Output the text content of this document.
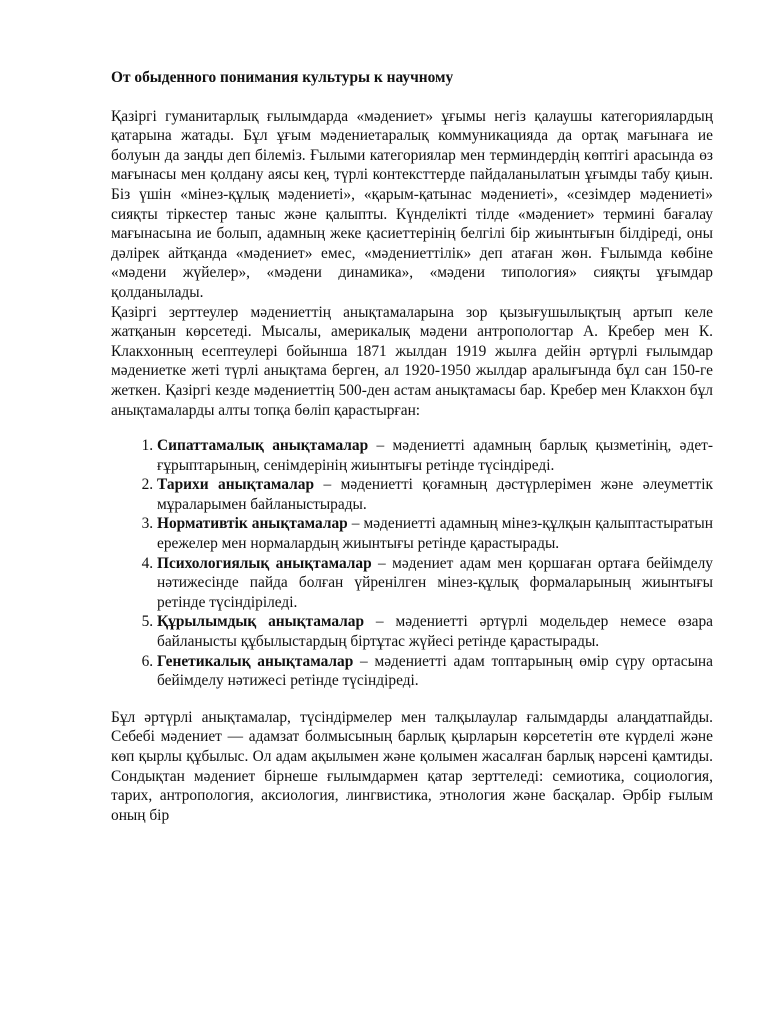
От обыденного понимания культуры к научному

Қазіргі гуманитарлық ғылымдарда «мәдениет» ұғымы негіз қалаушы категориялардың қатарына жатады. Бұл ұғым мәдениетаралық коммуникацияда да ортақ мағынаға ие болуын да заңды деп білеміз. Ғылыми категориялар мен терминдердің көптігі арасында өз мағынасы мен қолдану аясы кең, түрлі контексттерде пайдаланылатын ұғымды табу қиын. Біз үшін «мінез-құлық мәдениеті», «қарым-қатынас мәдениеті», «сезімдер мәдениеті» сияқты тіркестер таныс және қалыпты. Күнделікті тілде «мәдениет» термині бағалау мағынасына ие болып, адамның жеке қасиеттерінің белгілі бір жиынтығын білдіреді, оны дәлірек айтқанда «мәдениет» емес, «мәдениеттілік» деп атаған жөн. Ғылымда көбіне «мәдени жүйелер», «мәдени динамика», «мәдени типология» сияқты ұғымдар қолданылады.

Қазіргі зерттеулер мәдениеттің анықтамаларына зор қызығушылықтың артып келе жатқанын көрсетеді. Мысалы, америкалық мәдени антропологтар А. Кребер мен К. Клакхонның есептеулері бойынша 1871 жылдан 1919 жылға дейін әртүрлі ғылымдар мәдениетке жеті түрлі анықтама берген, ал 1920-1950 жылдар аралығында бұл сан 150-ге жеткен. Қазіргі кезде мәдениеттің 500-ден астам анықтамасы бар. Кребер мен Клакхон бұл анықтамаларды алты топқа бөліп қарастырған:

1. Сипаттамалық анықтамалар – мәдениетті адамның барлық қызметінің, әдет-ғұрыптарының, сенімдерінің жиынтығы ретінде түсіндіреді.
2. Тарихи анықтамалар – мәдениетті қоғамның дәстүрлерімен және әлеуметтік мұраларымен байланыстырады.
3. Нормативтік анықтамалар – мәдениетті адамның мінез-құлқын қалыптастыратын ережелер мен нормалардың жиынтығы ретінде қарастырады.
4. Психологиялық анықтамалар – мәдениет адам мен қоршаған ортаға бейімделу нәтижесінде пайда болған үйренілген мінез-құлық формаларының жиынтығы ретінде түсіндіріледі.
5. Құрылымдық анықтамалар – мәдениетті әртүрлі модельдер немесе өзара байланысты құбылыстардың біртұтас жүйесі ретінде қарастырады.
6. Генетикалық анықтамалар – мәдениетті адам топтарының өмір сүру ортасына бейімделу нәтижесі ретінде түсіндіреді.

Бұл әртүрлі анықтамалар, түсіндірмелер мен талқылаулар ғалымдарды алаңдатпайды. Себебі мәдениет — адамзат болмысының барлық қырларын көрсететін өте күрделі және көп қырлы құбылыс. Ол адам ақылымен және қолымен жасалған барлық нәрсені қамтиды. Сондықтан мәдениет бірнеше ғылымдармен қатар зерттеледі: семиотика, социология, тарих, антропология, аксиология, лингвистика, этнология және басқалар. Әрбір ғылым оның бір
